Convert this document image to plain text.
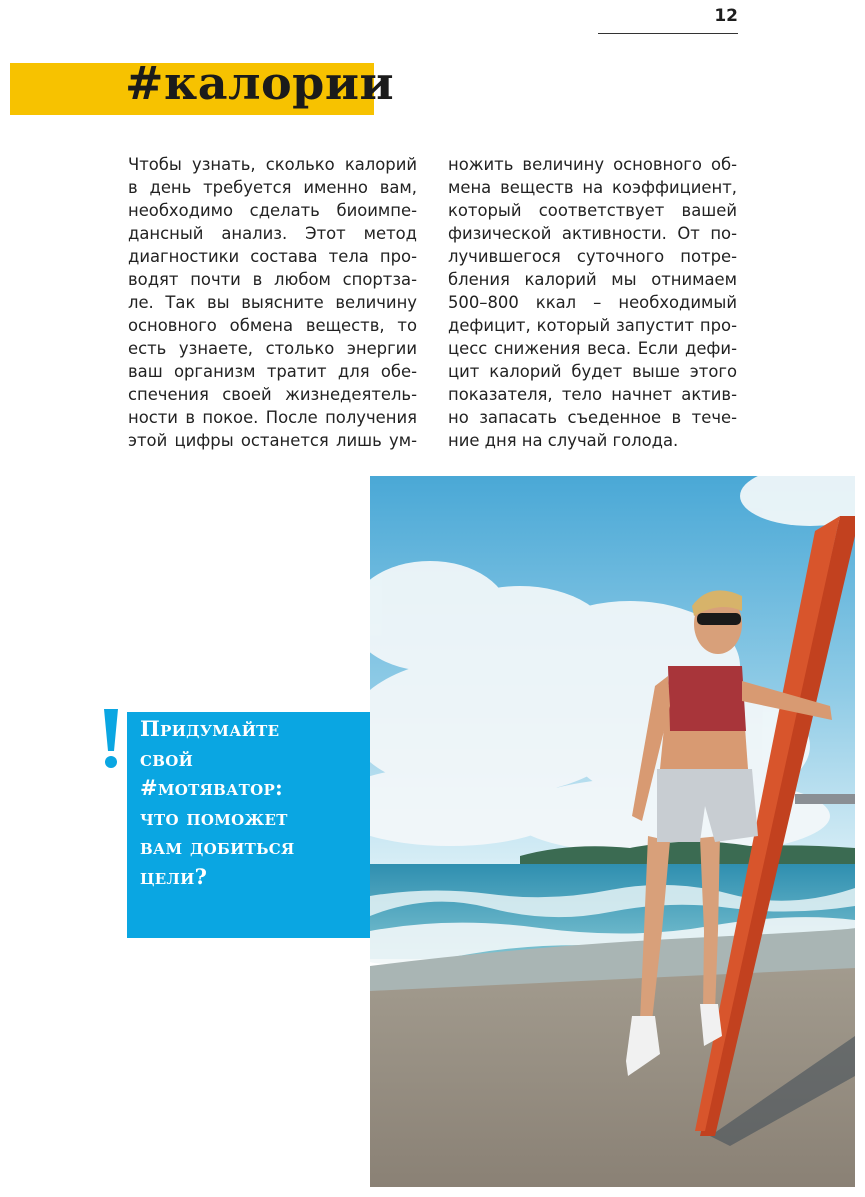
12
#калории
Чтобы узнать, сколько калорий
в день требуется именно вам,
необходимо сделать биоимпе-
дансный анализ. Этот метод
диагностики состава тела про-
водят почти в любом спортза-
ле. Так вы выясните величину
основного обмена веществ, то
есть узнаете, столько энергии
ваш организм тратит для обе-
спечения своей жизнедеятель-
ности в покое. После получения
этой цифры останется лишь ум-
ножить величину основного об-
мена веществ на коэффициент,
который соответствует вашей
физической активности. От по-
лучившегося суточного потре-
бления калорий мы отнимаем
500–800 ккал – необходимый
дефицит, который запустит про-
цесс снижения веса. Если дефи-
цит калорий будет выше этого
показателя, тело начнет актив-
но запасать съеденное в тече-
ние дня на случай голода.
Придумайте
свой
#мотяватор:
что поможет
вам добиться
цели?
